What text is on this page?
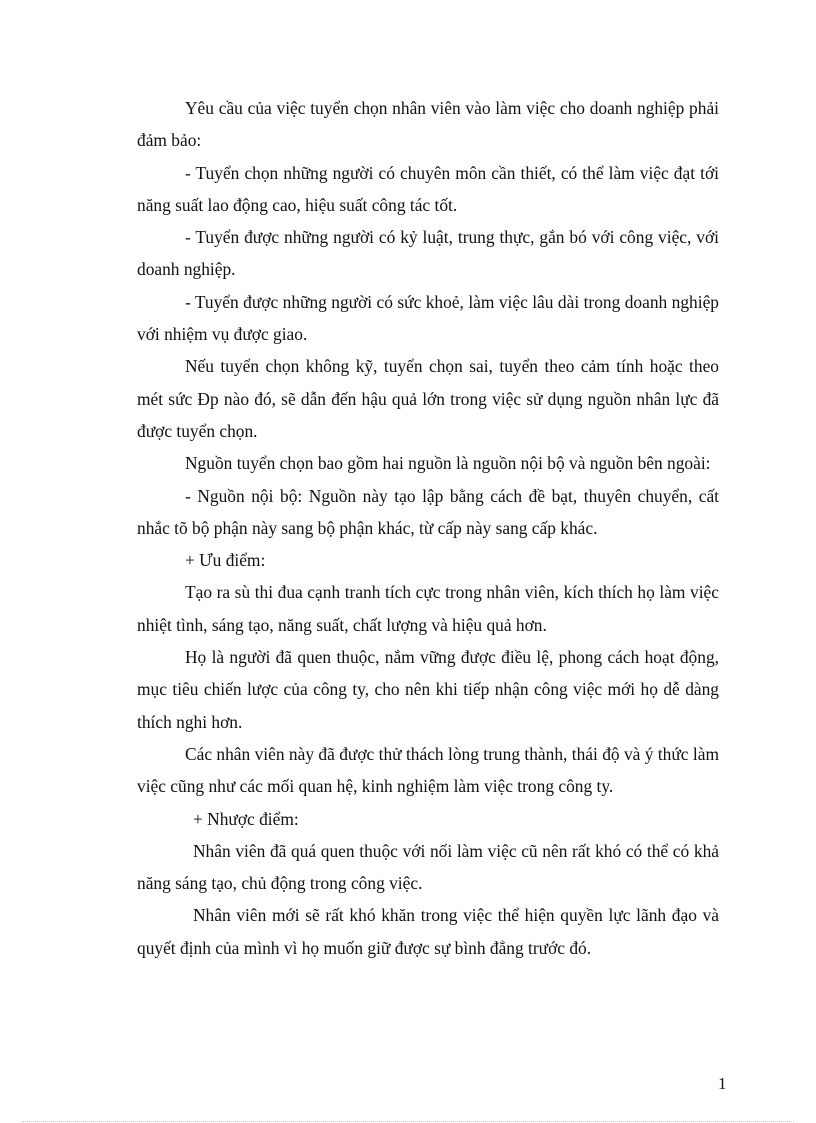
Yêu cầu của việc tuyển chọn nhân viên vào làm việc cho doanh nghiệp phải đảm bảo:

- Tuyển chọn những người có chuyên môn cần thiết, có thể làm việc đạt tới năng suất lao động cao, hiệu suất công tác tốt.

- Tuyển được những người có kỷ luật, trung thực, gắn bó với công việc, với doanh nghiệp.

- Tuyển được những người có sức khoẻ, làm việc lâu dài trong doanh nghiệp với nhiệm vụ được giao.

Nếu tuyển chọn không kỹ, tuyển chọn sai, tuyển theo cảm tính hoặc theo mét sức Đp nào đó, sẽ dẫn đến hậu quả lớn trong việc sử dụng nguồn nhân lực đã được tuyển chọn.

Nguồn tuyển chọn bao gồm hai nguồn là nguồn nội bộ và nguồn bên ngoài:

- Nguồn nội bộ: Nguồn này tạo lập bằng cách đề bạt, thuyên chuyển, cất nhắc tõ bộ phận này sang bộ phận khác, từ cấp này sang cấp khác.

+ Ưu điểm:

Tạo ra sù thi đua cạnh tranh tích cực trong nhân viên, kích thích họ làm việc nhiệt tình, sáng tạo, năng suất, chất lượng và hiệu quả hơn.

Họ là người đã quen thuộc, nắm vững được điều lệ, phong cách hoạt động, mục tiêu chiến lược của công ty, cho nên khi tiếp nhận công việc mới họ dễ dàng thích nghi hơn.

Các nhân viên này đã được thử thách lòng trung thành, thái độ và ý thức làm việc cũng như các mối quan hệ, kinh nghiệm làm việc trong công ty.

+ Nhược điểm:

Nhân viên đã quá quen thuộc với nối làm việc cũ nên rất khó có thể có khả năng sáng tạo, chủ động trong công việc.

Nhân viên mới sẽ rất khó khăn trong việc thể hiện quyền lực lãnh đạo và quyết định của mình vì họ muốn giữ được sự bình đẳng trước đó.

1
